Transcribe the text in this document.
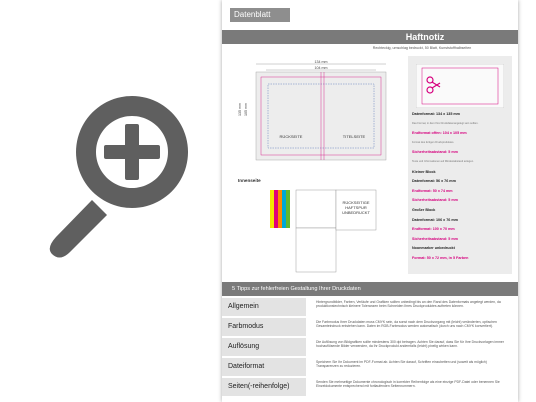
Datenblatt
Haftnotiz
Rechteckig, umschlag bedruckt, 50 Blatt, Kunststoffhalbseiten
134 mm
104 mm
135 mm 105 mm
RÜCKSEITE	TITELSEITE
Datenformat: 134 x 135 mm
Das Format, in dem Ihre Druckdatenangelegt sein sollten.
Endformat offen: 104 x 105 mm
Format des fertigen Druckproduktes.
Sicherheitsabstand: 5 mm
Texte und Informationen auf Mindestabstand anlegen.
Kleiner Block
Datenformat: 56 x 76 mm
Endformat: 50 x 74 mm
Sicherheitsabstand: 5 mm
Großer Block
Datenformat: 106 x 76 mm
Endformat: 100 x 70 mm
Sicherheitsabstand: 5 mm
Noonmarker unbedruckt
Format: 50 x 72 mm, in 5 Farben
Innenseite
RÜCKSEITIGE
HAFTSPUR
UNBEDRUCKT
5 Tipps zur fehlerfreien Gestaltung Ihrer Druckdaten
Allgemein
Hintergrundbilder, Farben, Verläufe und Grafiken sollten unbedingt bis an den Rand des Datenformats angelegt werden, da produktionstechnisch kleinere Toleranzen beim Schneiden Ihres Druckproduktes auftreten können.
Farbmodus
Die Farbmodus Ihrer Druckdaten muss CMYK sein, da sonst nach dem Druckvorgang mit (leicht) veränderten, optischen Gesamteindruck entstehen kann. Daten im RGB-Farbmodus werden automatisch (durch uns nach CMYK konvertiert).
Auflösung
Die Auflösung von Bildgrafiken sollte mindestens 300 dpi betragen. Achten Sie darauf, dass Sie für Ihre Druckvorlagen immer hochauflösende Bilder verwenden, da Ihr Druckprodukt andernfalls (leicht) pixelig wirken kann.
Dateiformat
Speichern Sie Ihr Dokument im PDF-Format ab. Achten Sie darauf, Schriften einzubetten und (soweit als möglich) Transparenzen zu reduzieren.
Seiten(-reihenfolge)
Senden Sie mehrseitige Dokumente chronologisch in korrekter Reihenfolge als eine einzige PDF-Datei oder benennen Sie Einzeldokumente entsprechend mit fortlaufenden Seitennummern.
